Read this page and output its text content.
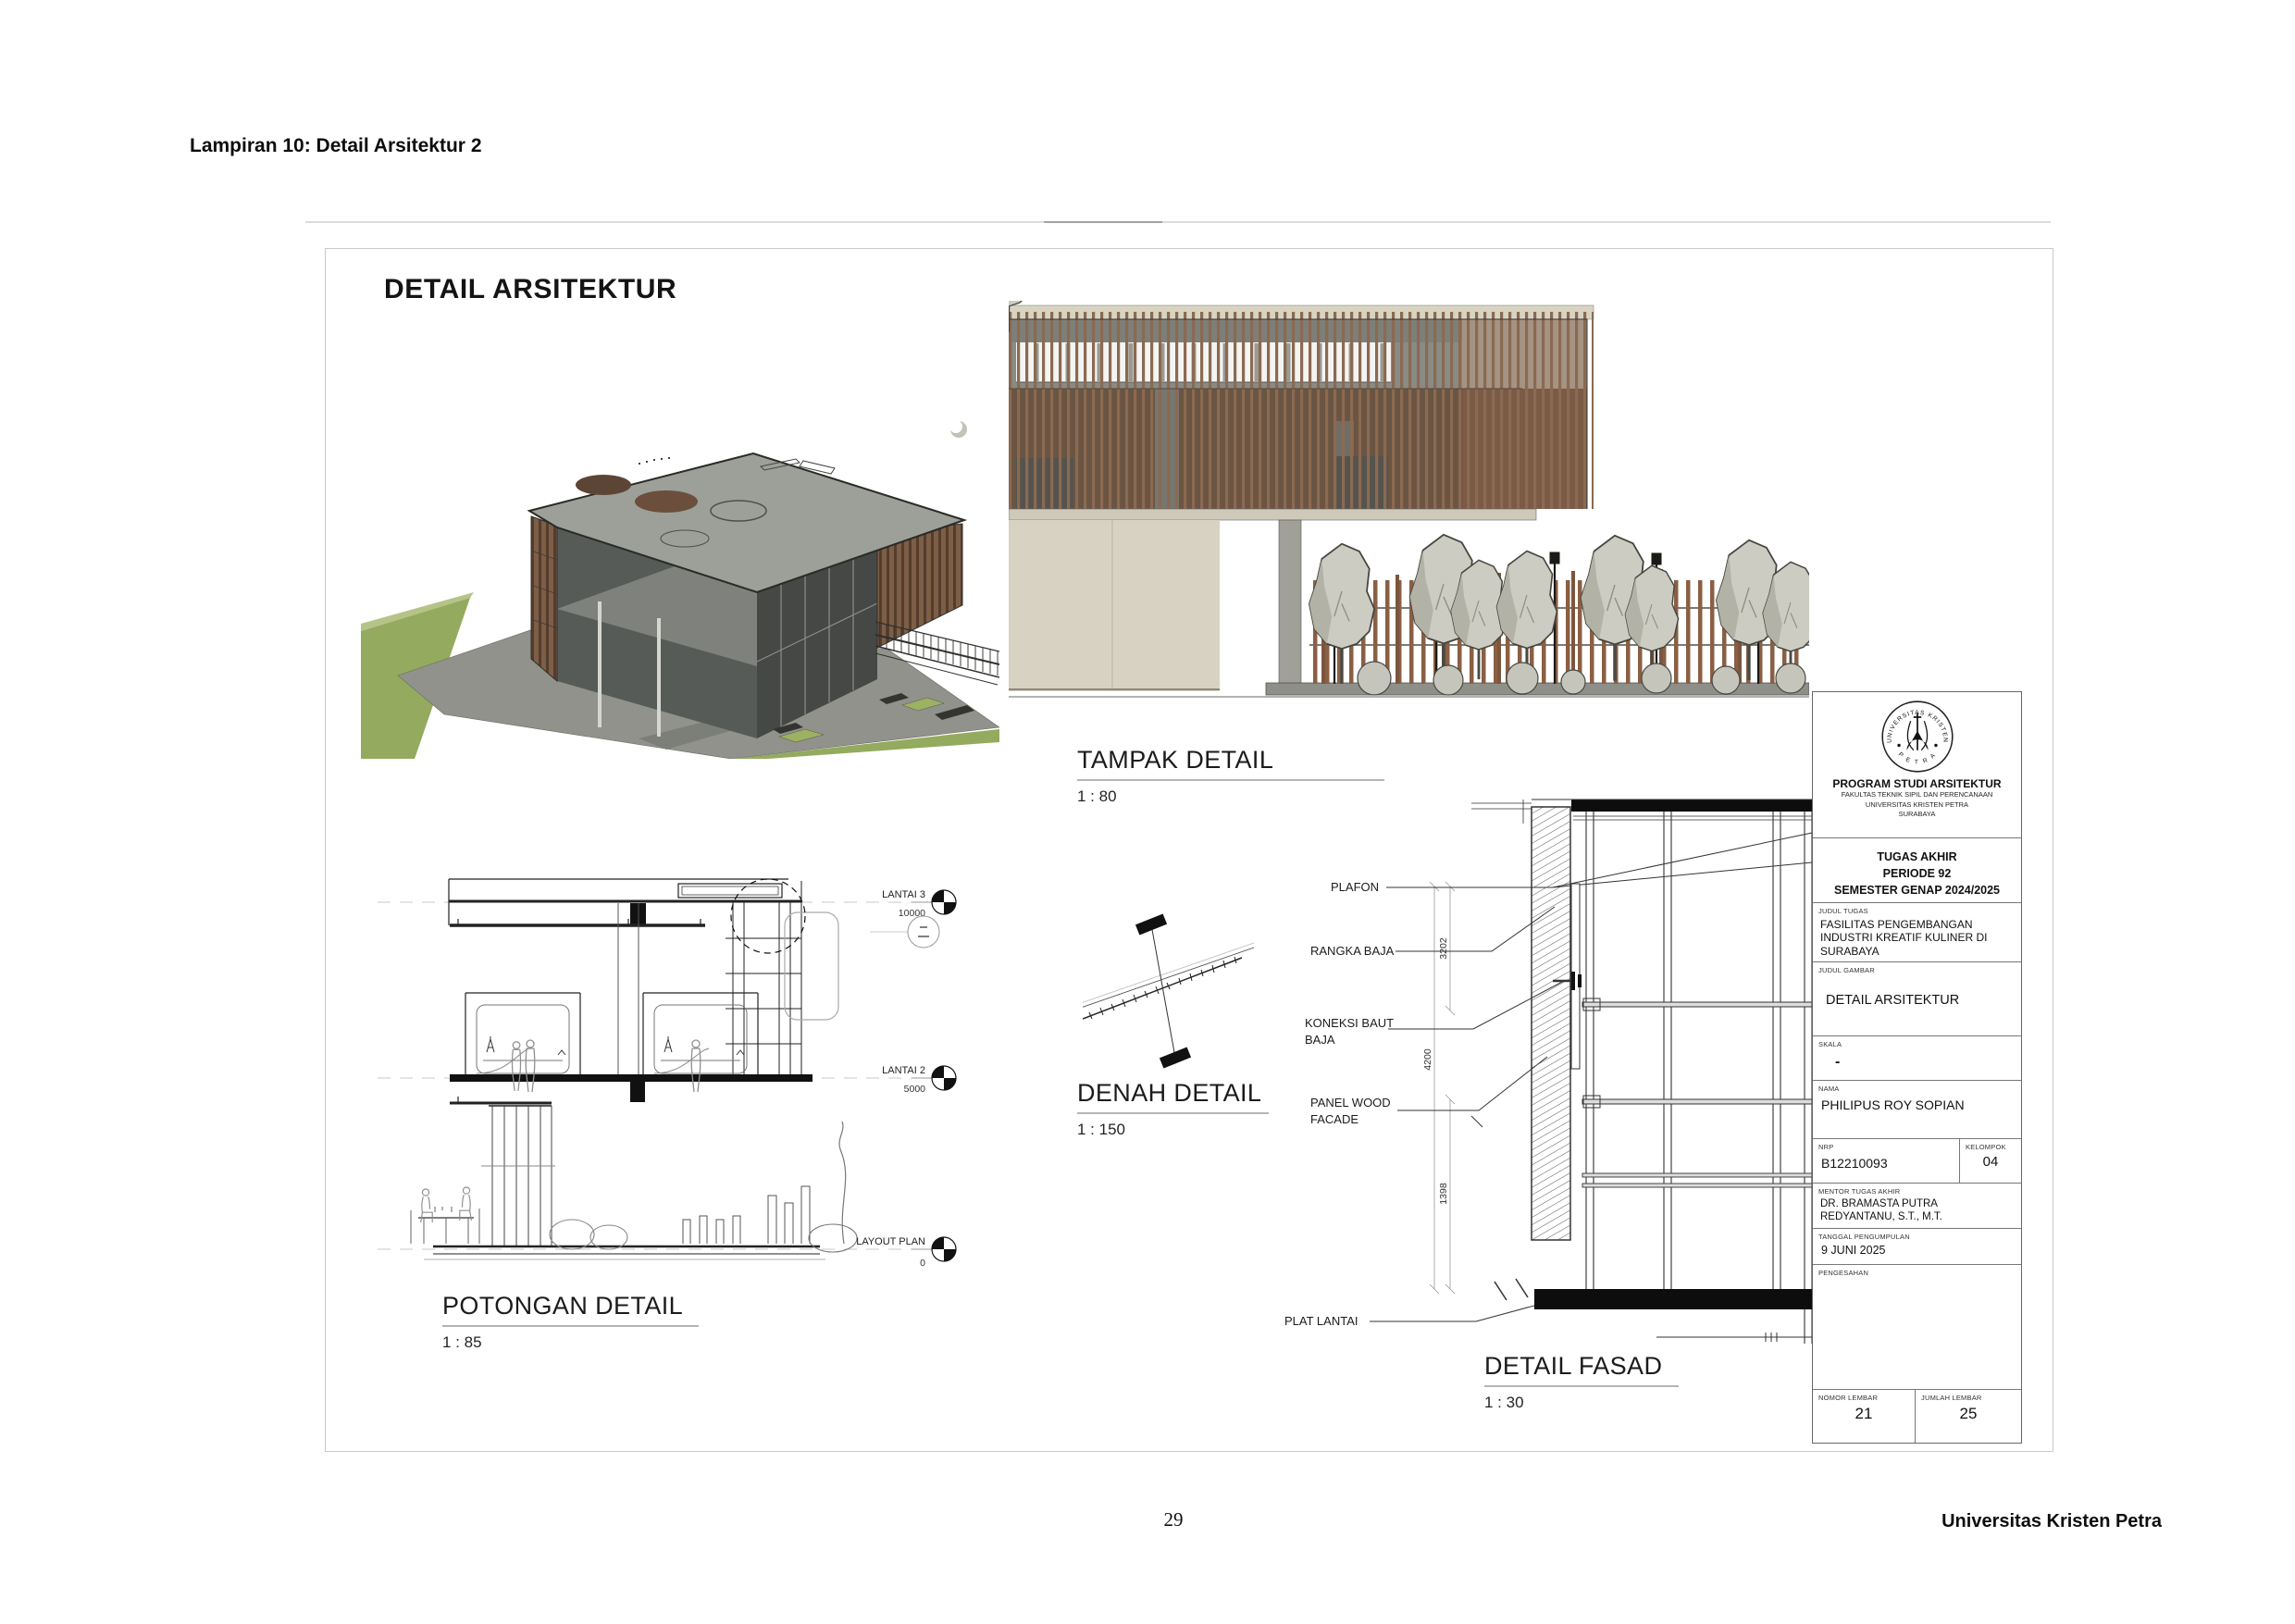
Lampiran 10: Detail Arsitektur 2
DETAIL ARSITEKTUR
LANTAI 3
10000
LANTAI 2
5000
LAYOUT PLAN
0
3202
4200
1398
PLAFON
RANGKA BAJA
KONEKSI BAUT
BAJA
PANEL WOOD
FACADE
PLAT LANTAI
TAMPAK DETAIL
1 : 80
DENAH DETAIL
1 : 150
POTONGAN DETAIL
1 : 85
DETAIL FASAD
1 : 30
UNIVERSITAS KRISTEN
P E T R A
PROGRAM STUDI ARSITEKTUR
FAKULTAS TEKNIK SIPIL DAN PERENCANAAN
UNIVERSITAS KRISTEN PETRA
SURABAYA
TUGAS AKHIR
PERIODE 92
SEMESTER GENAP 2024/2025
JUDUL TUGAS
FASILITAS PENGEMBANGAN INDUSTRI KREATIF KULINER DI SURABAYA
JUDUL GAMBAR
DETAIL ARSITEKTUR
SKALA
-
NAMA
PHILIPUS ROY SOPIAN
NRP
B12210093
KELOMPOK
04
MENTOR TUGAS AKHIR
DR. BRAMASTA PUTRA REDYANTANU, S.T., M.T.
TANGGAL PENGUMPULAN
9 JUNI 2025
PENGESAHAN
NOMOR LEMBAR
21
JUMLAH LEMBAR
25
29	Universitas Kristen Petra
